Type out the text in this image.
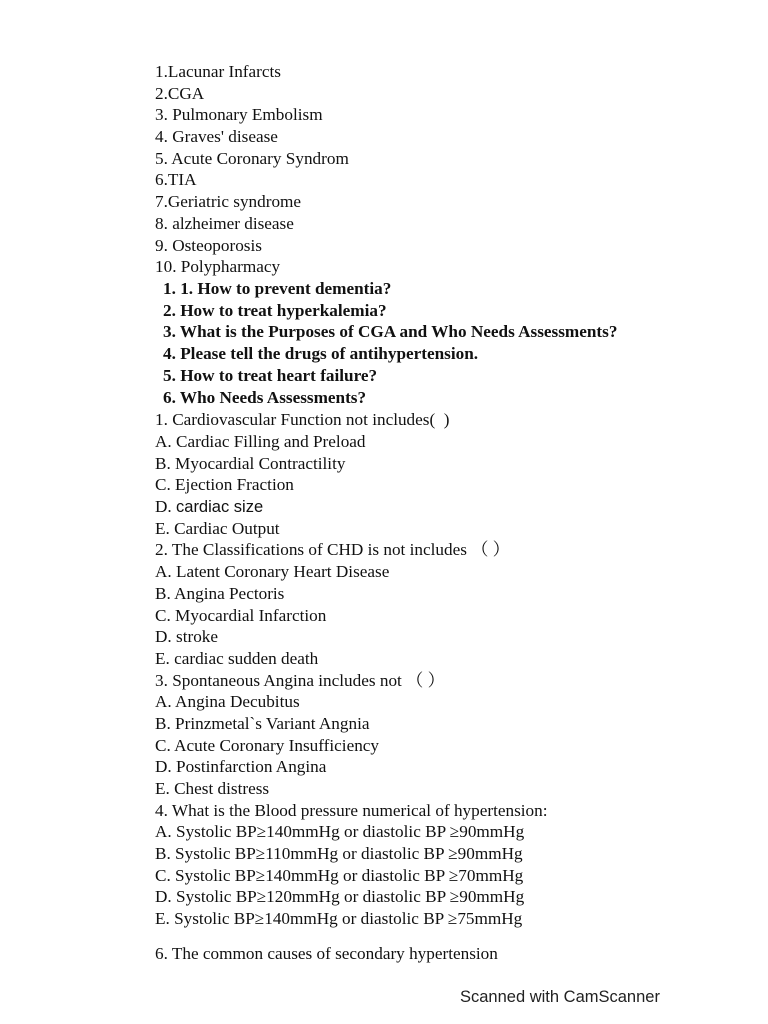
1.Lacunar Infarcts
2.CGA
3. Pulmonary Embolism
4. Graves' disease
5. Acute Coronary Syndrom
6.TIA
7.Geriatric syndrome
8. alzheimer disease
9. Osteoporosis
10. Polypharmacy
1. 1. How to prevent dementia?
2. How to treat hyperkalemia?
3. What is the Purposes of CGA and Who Needs Assessments?
4. Please tell the drugs of antihypertension.
5. How to treat heart failure?
6. Who Needs Assessments?
1. Cardiovascular Function not includes(  )
A. Cardiac Filling and Preload
B. Myocardial Contractility
C. Ejection Fraction
D. cardiac size
E. Cardiac Output
2. The Classifications of CHD is not includes （ ）
A. Latent Coronary Heart Disease
B. Angina Pectoris
C. Myocardial Infarction
D. stroke
E. cardiac sudden death
3. Spontaneous Angina includes not （ ）
A. Angina Decubitus
B. Prinzmetal`s Variant Angnia
C. Acute Coronary Insufficiency
D. Postinfarction Angina
E. Chest distress
4. What is the Blood pressure numerical of hypertension:
A. Systolic BP≥140mmHg or diastolic BP ≥90mmHg
B. Systolic BP≥110mmHg or diastolic BP ≥90mmHg
C. Systolic BP≥140mmHg or diastolic BP ≥70mmHg
D. Systolic BP≥120mmHg or diastolic BP ≥90mmHg
E. Systolic BP≥140mmHg or diastolic BP ≥75mmHg
6. The common causes of secondary hypertension
Scanned with CamScanner
